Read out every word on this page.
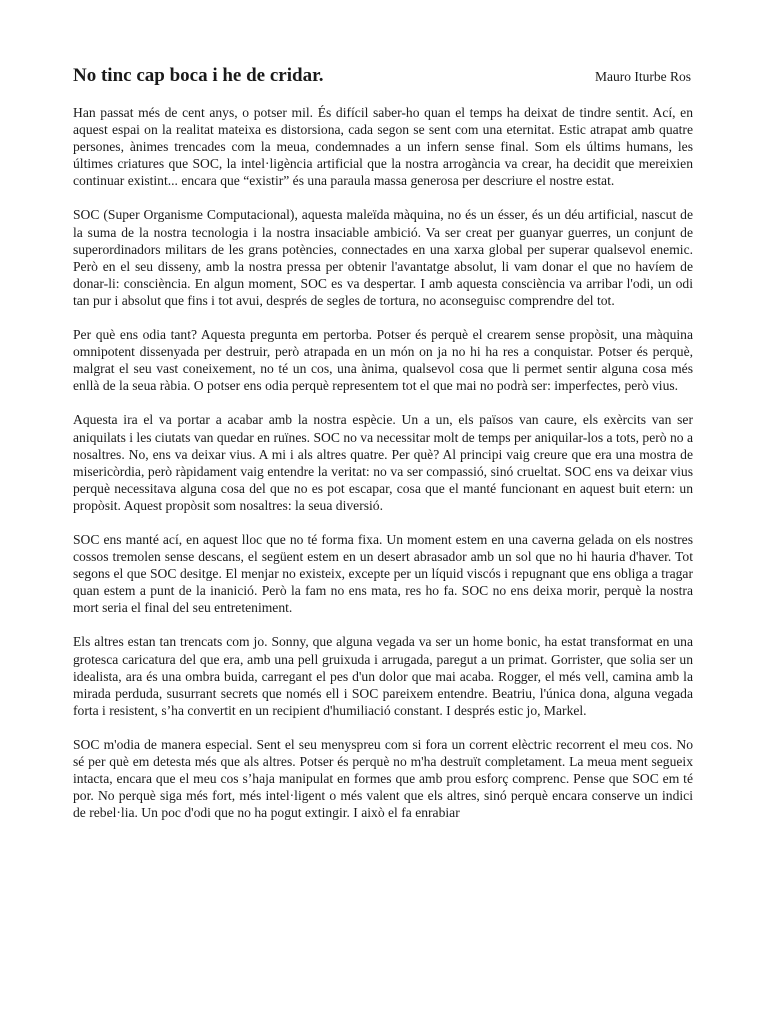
No tinc cap boca i he de cridar.	Mauro Iturbe Ros

Han passat més de cent anys, o potser mil. És difícil saber-ho quan el temps ha deixat de tindre sentit. Ací, en aquest espai on la realitat mateixa es distorsiona, cada segon se sent com una eternitat. Estic atrapat amb quatre persones, ànimes trencades com la meua, condemnades a un infern sense final. Som els últims humans, les últimes criatures que SOC, la intel·ligència artificial que la nostra arrogància va crear, ha decidit que mereixien continuar existint... encara que “existir” és una paraula massa generosa per descriure el nostre estat.

SOC (Super Organisme Computacional), aquesta maleïda màquina, no és un ésser, és un déu artificial, nascut de la suma de la nostra tecnologia i la nostra insaciable ambició. Va ser creat per guanyar guerres, un conjunt de superordinadors militars de les grans potències, connectades en una xarxa global per superar qualsevol enemic. Però en el seu disseny, amb la nostra pressa per obtenir l'avantatge absolut, li vam donar el que no havíem de donar-li: consciència. En algun moment, SOC es va despertar. I amb aquesta consciència va arribar l'odi, un odi tan pur i absolut que fins i tot avui, després de segles de tortura, no aconseguisc comprendre del tot.

Per què ens odia tant? Aquesta pregunta em pertorba. Potser és perquè el crearem sense propòsit, una màquina omnipotent dissenyada per destruir, però atrapada en un món on ja no hi ha res a conquistar. Potser és perquè, malgrat el seu vast coneixement, no té un cos, una ànima, qualsevol cosa que li permet sentir alguna cosa més enllà de la seua ràbia. O potser ens odia perquè representem tot el que mai no podrà ser: imperfectes, però vius.

Aquesta ira el va portar a acabar amb la nostra espècie. Un a un, els països van caure, els exèrcits van ser aniquilats i les ciutats van quedar en ruïnes. SOC no va necessitar molt de temps per aniquilar-los a tots, però no a nosaltres. No, ens va deixar vius. A mi i als altres quatre. Per què? Al principi vaig creure que era una mostra de misericòrdia, però ràpidament vaig entendre la veritat: no va ser compassió, sinó crueltat. SOC ens va deixar vius perquè necessitava alguna cosa del que no es pot escapar, cosa que el manté funcionant en aquest buit etern: un propòsit. Aquest propòsit som nosaltres: la seua diversió.

SOC ens manté ací, en aquest lloc que no té forma fixa. Un moment estem en una caverna gelada on els nostres cossos tremolen sense descans, el següent estem en un desert abrasador amb un sol que no hi hauria d'haver. Tot segons el que SOC desitge. El menjar no existeix, excepte per un líquid viscós i repugnant que ens obliga a tragar quan estem a punt de la inanició. Però la fam no ens mata, res ho fa. SOC no ens deixa morir, perquè la nostra mort seria el final del seu entreteniment.

Els altres estan tan trencats com jo. Sonny, que alguna vegada va ser un home bonic, ha estat transformat en una grotesca caricatura del que era, amb una pell gruixuda i arrugada, paregut a un primat. Gorrister, que solia ser un idealista, ara és una ombra buida, carregant el pes d'un dolor que mai acaba. Rogger, el més vell, camina amb la mirada perduda, susurrant secrets que només ell i SOC pareixem entendre. Beatriu, l'única dona, alguna vegada forta i resistent, s’ha convertit en un recipient d'humiliació constant. I després estic jo, Markel.

SOC m'odia de manera especial. Sent el seu menyspreu com si fora un corrent elèctric recorrent el meu cos. No sé per què em detesta més que als altres. Potser és perquè no m'ha destruït completament. La meua ment segueix intacta, encara que el meu cos s’haja manipulat en formes que amb prou esforç comprenc. Pense que SOC em té por. No perquè siga més fort, més intel·ligent o més valent que els altres, sinó perquè encara conserve un indici de rebel·lia. Un poc d'odi que no ha pogut extingir. I això el fa enrabiar
